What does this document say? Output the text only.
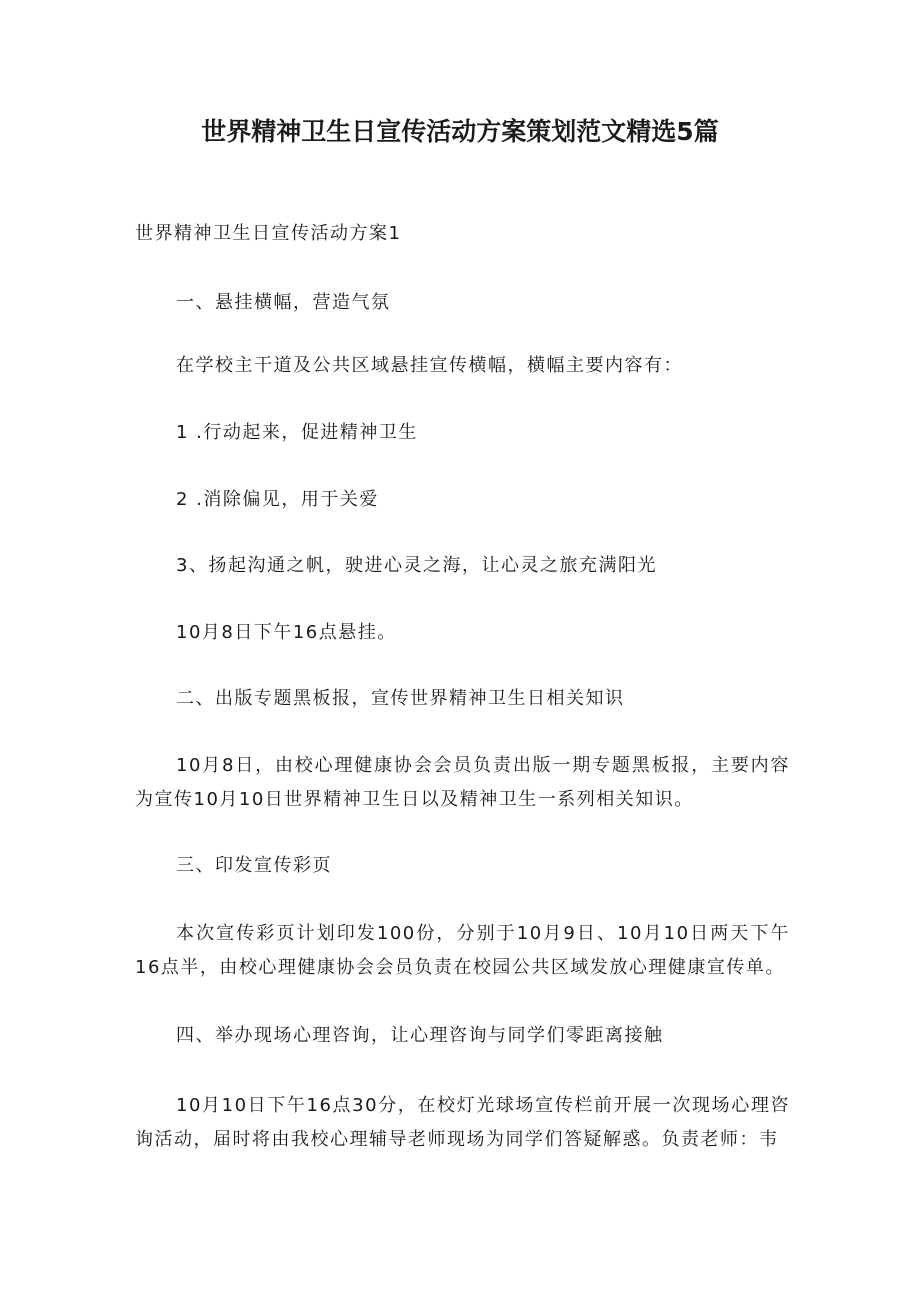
世界精神卫生日宣传活动方案策划范文精选5篇
世界精神卫生日宣传活动方案1
一、悬挂横幅，营造气氛
在学校主干道及公共区域悬挂宣传横幅，横幅主要内容有：
1 .行动起来，促进精神卫生
2 .消除偏见，用于关爱
3、扬起沟通之帆，驶进心灵之海，让心灵之旅充满阳光
10月8日下午16点悬挂。
二、出版专题黑板报，宣传世界精神卫生日相关知识
10月8日，由校心理健康协会会员负责出版一期专题黑板报，主要内容为宣传10月10日世界精神卫生日以及精神卫生一系列相关知识。
三、印发宣传彩页
本次宣传彩页计划印发100份，分别于10月9日、10月10日两天下午16点半，由校心理健康协会会员负责在校园公共区域发放心理健康宣传单。
四、举办现场心理咨询，让心理咨询与同学们零距离接触
10月10日下午16点30分，在校灯光球场宣传栏前开展一次现场心理咨询活动，届时将由我校心理辅导老师现场为同学们答疑解惑。负责老师：韦
